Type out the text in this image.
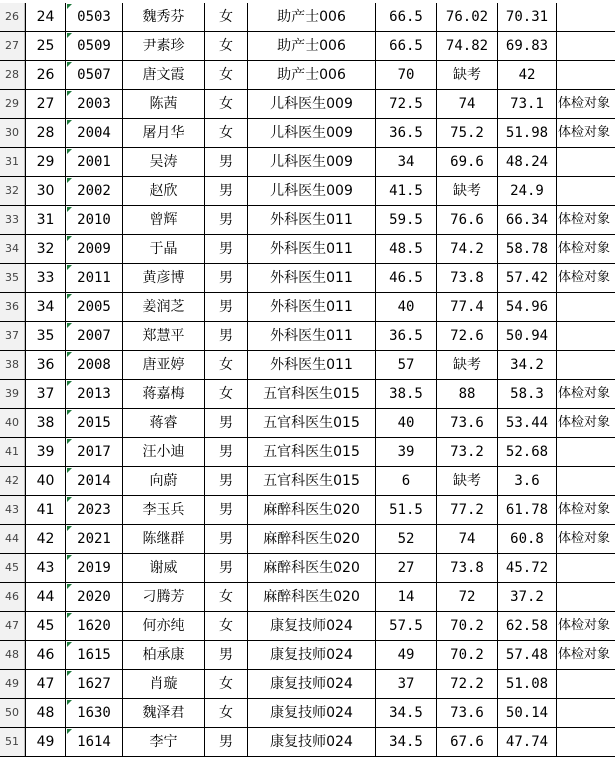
26	24	0503	魏秀芬	女	助产士006	66.5	76.02	70.31
27	25	0509	尹素珍	女	助产士006	66.5	74.82	69.83
28	26	0507	唐文霞	女	助产士006	70	缺考	42
29	27	2003	陈茜	女	儿科医生009	72.5	74	73.1	体检对象
30	28	2004	屠月华	女	儿科医生009	36.5	75.2	51.98 体检对象
31	29	2001	吴涛	男	儿科医生009	34	69.6	48.24
32	30	2002	赵欣	男	儿科医生009	41.5	缺考	24.9
33	31	2010	曾辉	男	外科医生011	59.5	76.6	66.34 体检对象
34	32	2009	于晶	男	外科医生011	48.5	74.2	58.78 体检对象
35	33	2011	黄彦博	男	外科医生011	46.5	73.8	57.42 体检对象
36	34	2005	姜润芝	男	外科医生011	40	77.4	54.96
37	35	2007	郑慧平	男	外科医生011	36.5	72.6	50.94
38	36	2008	唐亚婷	女	外科医生011	57	缺考	34.2
39	37	2013	蒋嘉梅	女	五官科医生015	38.5	88	58.3	体检对象
40	38	2015	蒋睿	男	五官科医生015	40	73.6	53.44 体检对象
41	39	2017	汪小迪	男	五官科医生015	39	73.2	52.68
42	40	2014	向蔚	男	五官科医生015	6	缺考	3.6
43	41	2023	李玉兵	男	麻醉科医生020	51.5	77.2	61.78 体检对象
44	42	2021	陈继群	男	麻醉科医生020	52	74	60.8	体检对象
45	43	2019	谢威	男	麻醉科医生020	27	73.8	45.72
46	44	2020	刁腾芳	女	麻醉科医生020	14	72	37.2
47	45	1620	何亦纯	女	康复技师024	57.5	70.2	62.58 体检对象
48	46	1615	柏承康	男	康复技师024	49	70.2	57.48 体检对象
49	47	1627	肖璇	女	康复技师024	37	72.2	51.08
50	48	1630	魏泽君	女	康复技师024	34.5	73.6	50.14
51	49	1614	李宁	男	康复技师024	34.5	67.6	47.74
